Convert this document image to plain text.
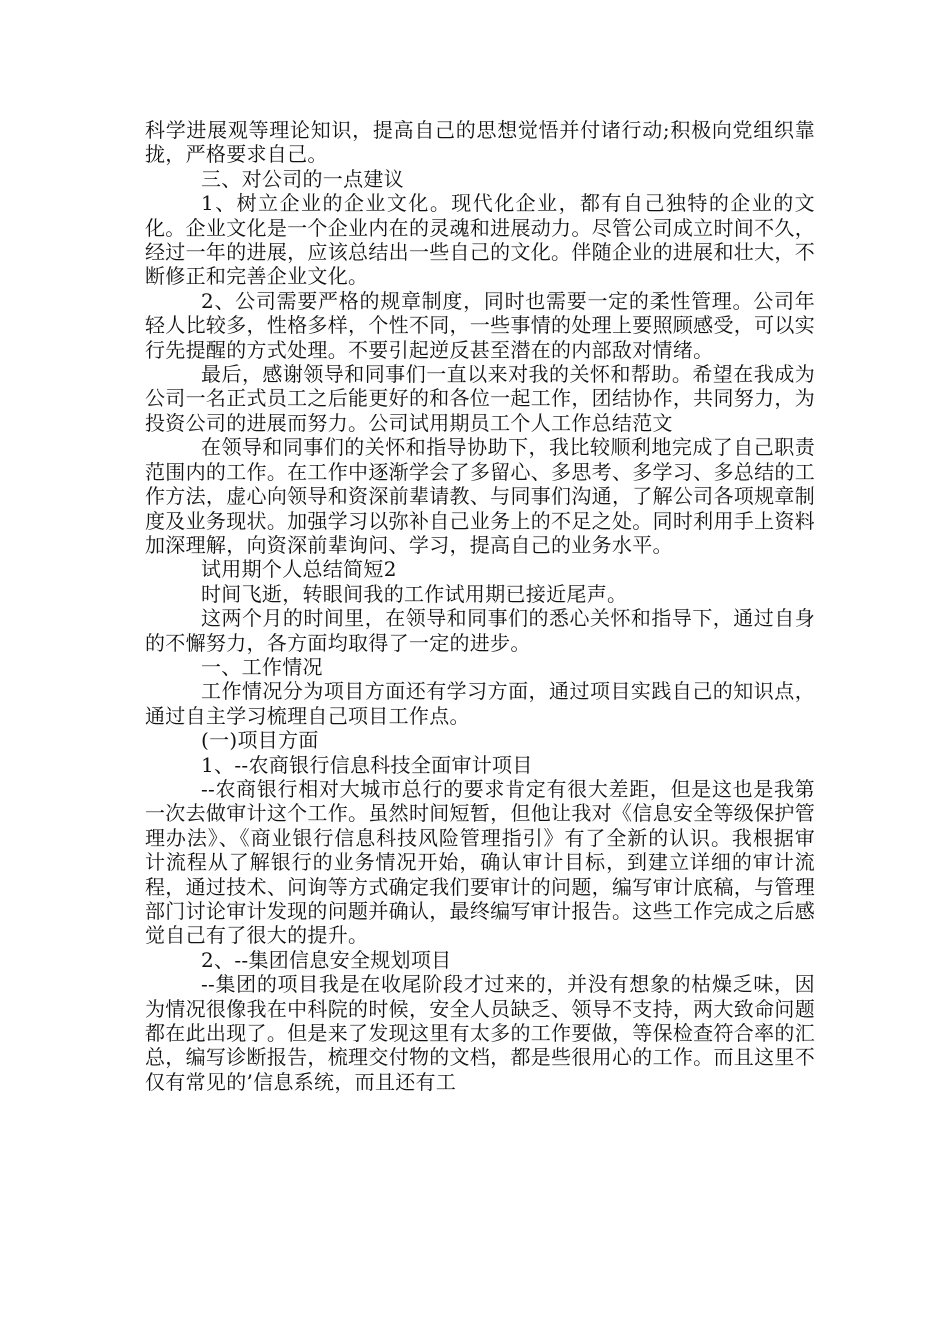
科学进展观等理论知识，提高自己的思想觉悟并付诸行动;积极向党组织靠拢，严格要求自己。

三、对公司的一点建议

1、树立企业的企业文化。现代化企业，都有自己独特的企业的文化。企业文化是一个企业内在的灵魂和进展动力。尽管公司成立时间不久，经过一年的进展，应该总结出一些自己的文化。伴随企业的进展和壮大，不断修正和完善企业文化。

2、公司需要严格的规章制度，同时也需要一定的柔性管理。公司年轻人比较多，性格多样，个性不同，一些事情的处理上要照顾感受，可以实行先提醒的方式处理。不要引起逆反甚至潜在的内部敌对情绪。

最后，感谢领导和同事们一直以来对我的关怀和帮助。希望在我成为公司一名正式员工之后能更好的和各位一起工作，团结协作，共同努力，为投资公司的进展而努力。公司试用期员工个人工作总结范文

在领导和同事们的关怀和指导协助下，我比较顺利地完成了自己职责范围内的工作。在工作中逐渐学会了多留心、多思考、多学习、多总结的工作方法，虚心向领导和资深前辈请教、与同事们沟通，了解公司各项规章制度及业务现状。加强学习以弥补自己业务上的不足之处。同时利用手上资料加深理解，向资深前辈询问、学习，提高自己的业务水平。

试用期个人总结简短2

时间飞逝，转眼间我的工作试用期已接近尾声。

这两个月的时间里，在领导和同事们的悉心关怀和指导下，通过自身的不懈努力，各方面均取得了一定的进步。

一、工作情况

工作情况分为项目方面还有学习方面，通过项目实践自己的知识点，通过自主学习梳理自己项目工作点。

(一)项目方面

1、--农商银行信息科技全面审计项目

--农商银行相对大城市总行的要求肯定有很大差距，但是这也是我第一次去做审计这个工作。虽然时间短暂，但他让我对《信息安全等级保护管理办法》、《商业银行信息科技风险管理指引》有了全新的认识。我根据审计流程从了解银行的业务情况开始，确认审计目标，到建立详细的审计流程，通过技术、问询等方式确定我们要审计的问题，编写审计底稿，与管理部门讨论审计发现的问题并确认，最终编写审计报告。这些工作完成之后感觉自己有了很大的提升。

2、--集团信息安全规划项目

--集团的项目我是在收尾阶段才过来的，并没有想象的枯燥乏味，因为情况很像我在中科院的时候，安全人员缺乏、领导不支持，两大致命问题都在此出现了。但是来了发现这里有太多的工作要做，等保检查符合率的汇总，编写诊断报告，梳理交付物的文档，都是些很用心的工作。而且这里不仅有常见的’信息系统，而且还有工
